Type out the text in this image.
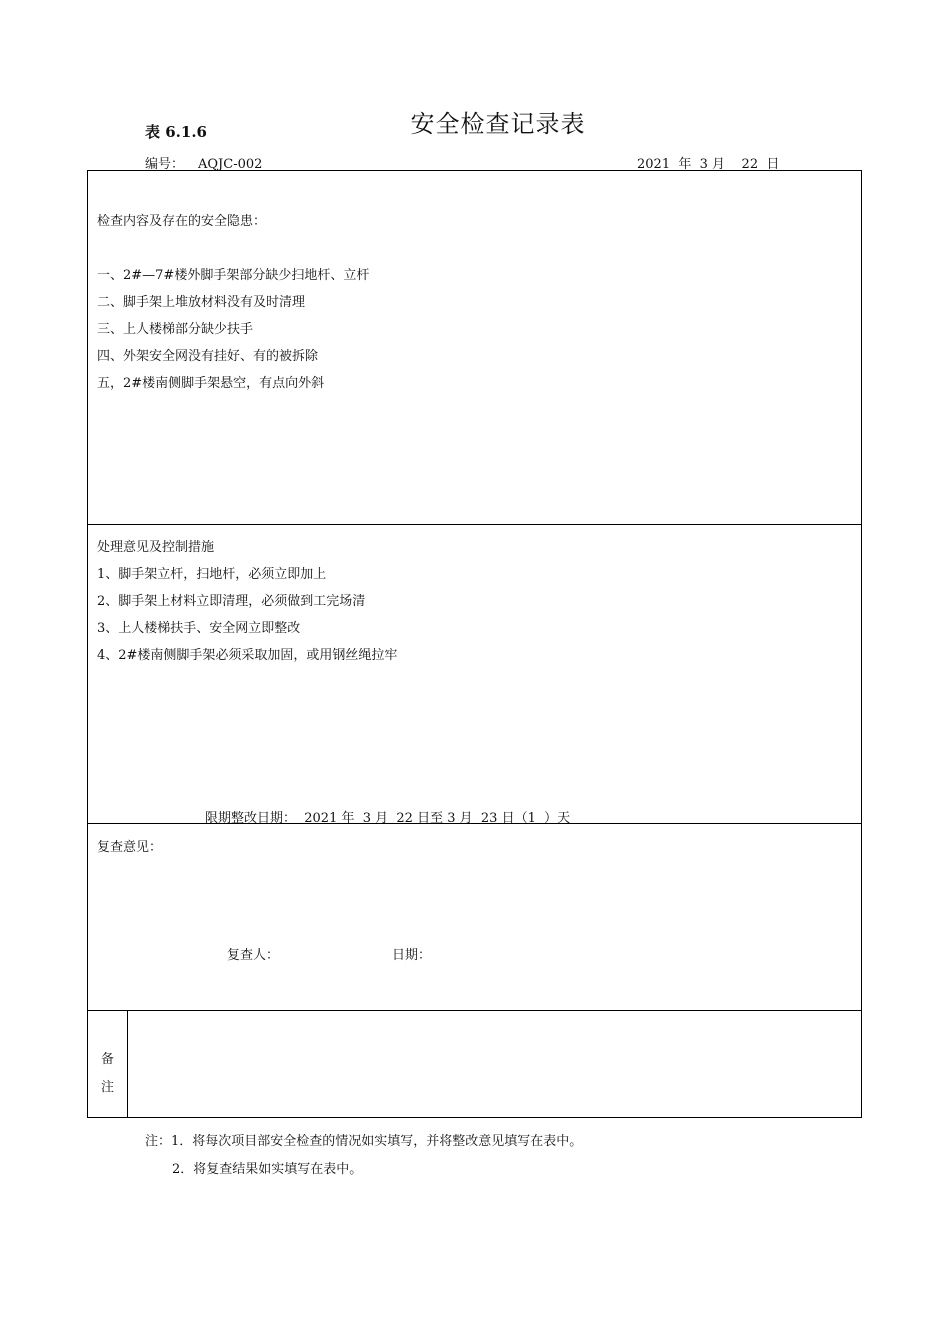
表 6.1.6	安全检查记录表
编号： AQJC-002	2021  年  3 月    22  日
检查内容及存在的安全隐患：
一、2#—7#楼外脚手架部分缺少扫地杆、立杆
二、脚手架上堆放材料没有及时清理
三、上人楼梯部分缺少扶手
四、外架安全网没有挂好、有的被拆除
五，2#楼南侧脚手架悬空，有点向外斜
处理意见及控制措施
1、脚手架立杆，扫地杆，必须立即加上
2、脚手架上材料立即清理，必须做到工完场清
3、上人楼梯扶手、安全网立即整改
4、2#楼南侧脚手架必须采取加固，或用钢丝绳拉牢
限期整改日期：  2021 年  3 月  22 日至 3 月  23 日（1  ）天
复查意见：
复查人：	日期：
备
注
注：1．将每次项目部安全检查的情况如实填写，并将整改意见填写在表中。
2．将复查结果如实填写在表中。
